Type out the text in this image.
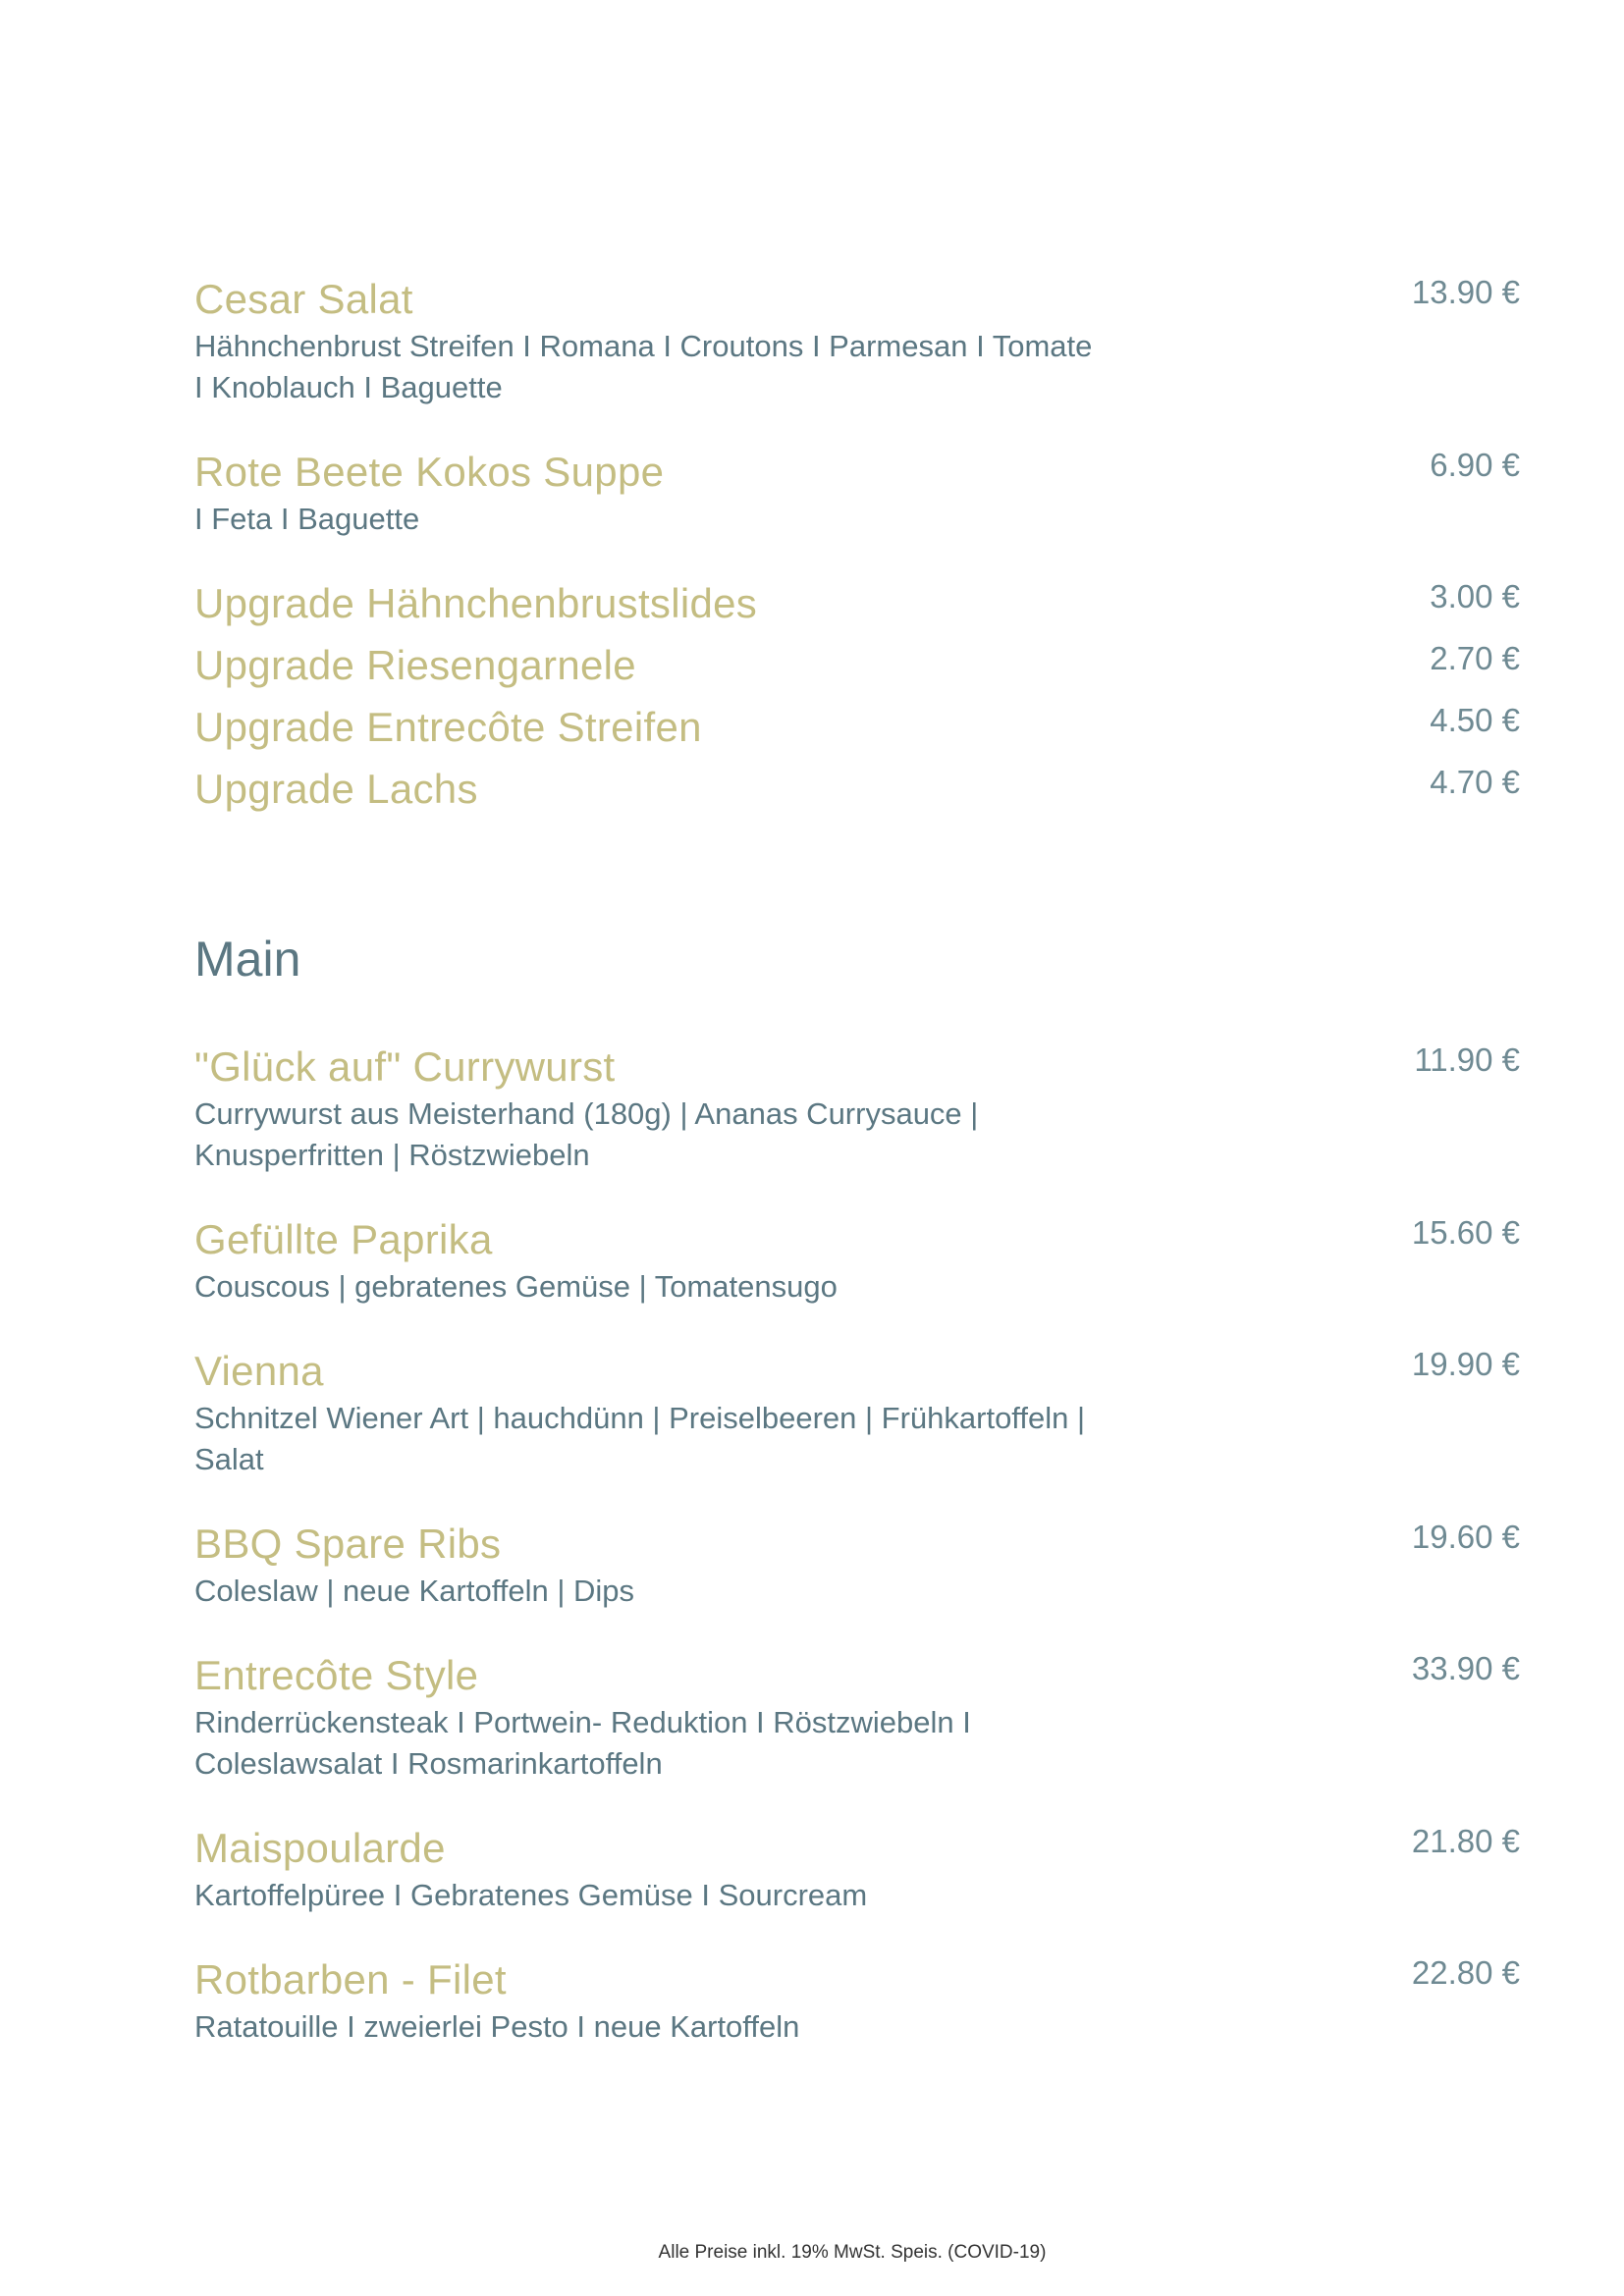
Cesar Salat
Hähnchenbrust Streifen I Romana I Croutons I Parmesan I Tomate I Knoblauch I Baguette
13.90 €
Rote Beete Kokos Suppe
I Feta I Baguette
6.90 €
Upgrade Hähnchenbrustslides	3.00 €
Upgrade Riesengarnele	2.70 €
Upgrade Entrecôte Streifen	4.50 €
Upgrade Lachs	4.70 €
Main
"Glück auf" Currywurst
Currywurst aus Meisterhand (180g) | Ananas Currysauce | Knusperfritten | Röstzwiebeln
11.90 €
Gefüllte Paprika
Couscous | gebratenes Gemüse | Tomatensugo
15.60 €
Vienna
Schnitzel Wiener Art | hauchdünn | Preiselbeeren | Frühkartoffeln | Salat
19.90 €
BBQ Spare Ribs
Coleslaw | neue Kartoffeln | Dips
19.60 €
Entrecôte Style
Rinderrückensteak I Portwein- Reduktion I Röstzwiebeln I Coleslawsalat I Rosmarinkartoffeln
33.90 €
Maispoularde
Kartoffelpüree I Gebratenes Gemüse I Sourcream
21.80 €
Rotbarben - Filet
Ratatouille I zweierlei Pesto I neue Kartoffeln
22.80 €
Alle Preise inkl. 19% MwSt. Speis. (COVID-19)
